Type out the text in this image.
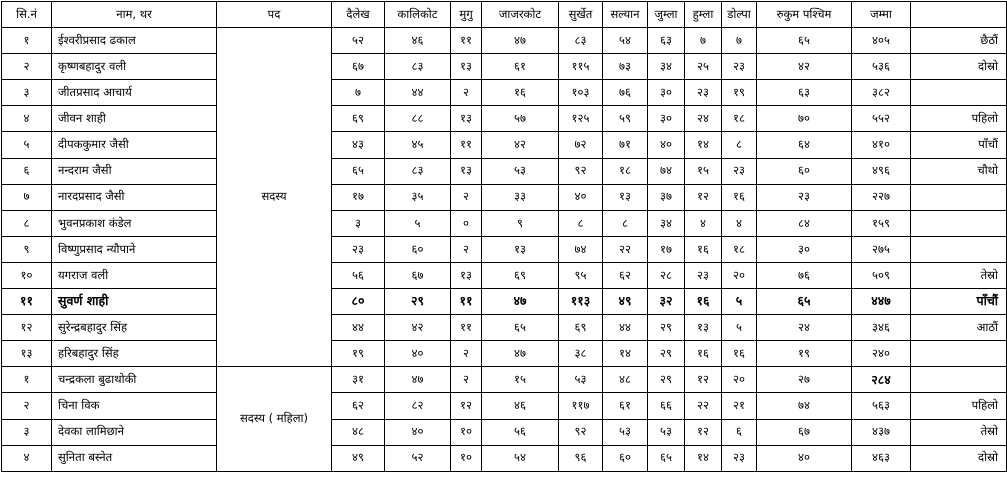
सि.नं	नाम, थर	पद	दैलेख	कालिकोट	मुगु	जाजरकोट	सुर्खेत	सल्यान	जुम्ला	हुम्ला	डोल्पा	रुकुम पश्चिम	जम्मा	
१	ईश्वरीप्रसाद ढकाल	सदस्य	५२	४६	११	४७	८३	५४	६३	७	७	६५	४०५	छैठौं
२	कृष्णबहादुर वली		६७	८३	१३	६१	११५	७३	३४	२५	२३	४२	५३६	दोस्रो
३	जीतप्रसाद आचार्य		७	४४	२	१६	१०३	७६	३०	२३	१९	६३	३८२	
४	जीवन शाही		६९	८८	१३	५७	१२५	५९	३०	२४	१८	७०	५५२	पहिलो
५	दीपककुमार जैसी		४३	४५	११	४२	७२	७१	४०	१४	८	६४	४१०	पाँचौं
६	नन्दराम जैसी		६५	८३	१३	५३	९२	१८	७४	१५	२३	६०	४९६	चौथो
७	नारदप्रसाद जैसी		१७	३५	२	३३	४०	१३	३७	१२	१६	२३	२२७	
८	भुवनप्रकाश कंडेल		३	५	०	९	८	८	३४	४	४	८४	१५९	
९	विष्णुप्रसाद न्यौपाने		२३	६०	२	१३	७४	२२	१७	१६	१८	३०	२७५	
१०	यगराज वली		५६	६७	१३	६९	९५	६२	२८	२३	२०	७६	५०९	तेस्रो
११	सुवर्ण शाही		८०	२९	११	४७	११३	४९	३२	१६	५	६५	४४७	पाँचौं
१२	सुरेन्द्रबहादुर सिंह		४४	४२	११	६५	६९	४४	२९	१३	५	२४	३४६	आठौं
१३	हरिबहादुर सिंह		१९	४०	२	४७	३८	१४	२९	१६	१६	१९	२४०	
१	चन्द्रकला बुढाथोकी	सदस्य ( महिला)	३१	४७	२	१५	५३	४८	२९	१२	२०	२७	२८४	
२	चिना विक		६२	८२	१२	४६	११७	६१	६६	२२	२१	७४	५६३	पहिलो
३	देवका लामिछाने		४८	४०	१०	५६	९२	५३	५३	१२	६	६७	४३७	तेस्रो
४	सुनिता बस्नेत		४९	५२	१०	५४	९६	६०	६५	१४	२३	४०	४६३	दोस्रो
